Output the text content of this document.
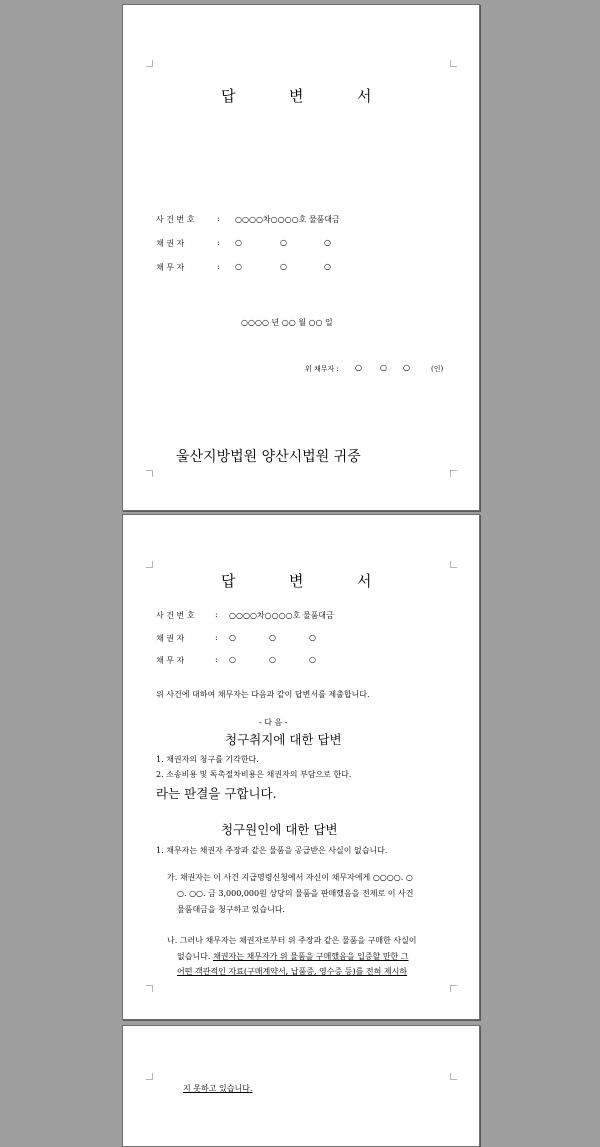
답	변	서
사 건 번 호	: ○○○○차○○○○호 물품대금
채 권 자	: ○	○	○
채 무 자	: ○	○	○
○○○○ 년 ○○ 월 ○○ 일
위 채무자 : ○ ○ ○	(인)
울산지방법원 양산시법원 귀중
답	변	서
사 건 번 호	: ○○○○차○○○○호 물품대금
채 권 자	: ○	○	○
채 무 자	: ○	○	○
위 사건에 대하여 채무자는 다음과 같이 답변서를 제출합니다.
- 다 음 -
청구취지에 대한 답변
1. 채권자의 청구를 기각한다.
2. 소송비용 및 독촉절차비용은 채권자의 부담으로 한다.
라는 판결을 구합니다.
청구원인에 대한 답변
1. 채무자는 채권자 주장과 같은 물품을 공급받은 사실이 없습니다.
가. 채권자는 이 사건 지급명령신청에서 자신이 채무자에게 ○○○○. ○
○. ○○. 금 3,000,000원 상당의 물품을 판매했음을 전제로 이 사건
물품대금을 청구하고 있습니다.
나. 그러나 채무자는 채권자로부터 위 주장과 같은 물품을 구매한 사실이
없습니다. 채권자는 채무자가 위 물품을 구매했음을 입증할 만한 그
어떤 객관적인 자료(구매계약서, 납품증, 영수증 등)를 전혀 제시하
지 못하고 있습니다.
